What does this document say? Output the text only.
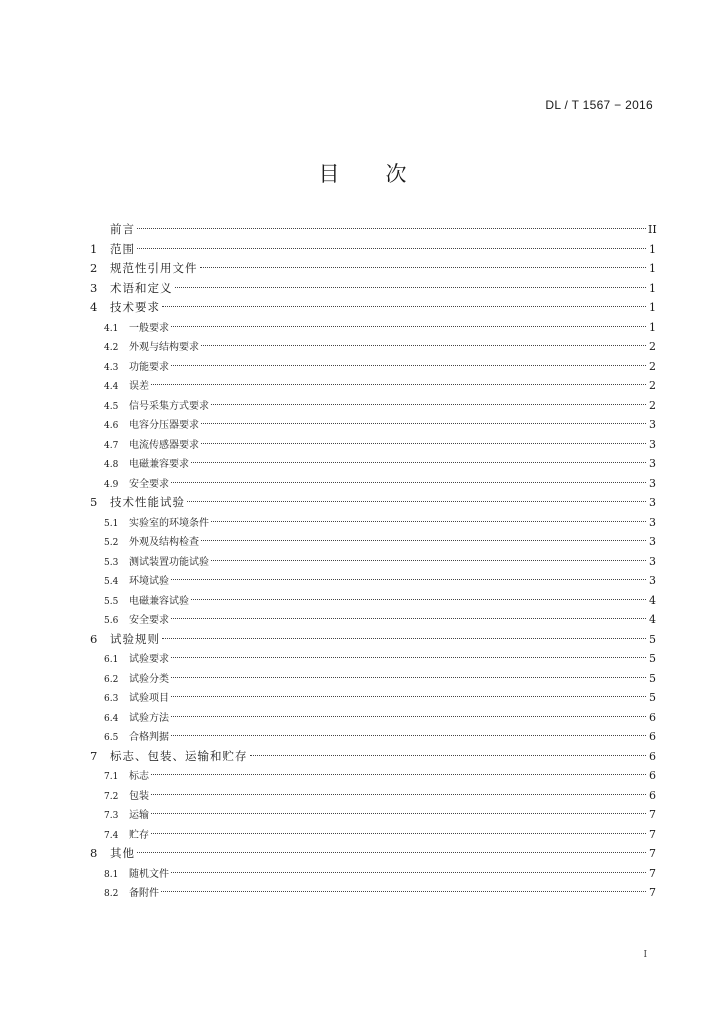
DL / T 1567 − 2016
目 次
前言	II
1	范围	1
2	规范性引用文件	1
3	术语和定义	1
4	技术要求	1
4.1	一般要求	1
4.2	外观与结构要求	2
4.3	功能要求	2
4.4	误差	2
4.5	信号采集方式要求	2
4.6	电容分压器要求	3
4.7	电流传感器要求	3
4.8	电磁兼容要求	3
4.9	安全要求	3
5	技术性能试验	3
5.1	实验室的环境条件	3
5.2	外观及结构检查	3
5.3	测试装置功能试验	3
5.4	环境试验	3
5.5	电磁兼容试验	4
5.6	安全要求	4
6	试验规则	5
6.1	试验要求	5
6.2	试验分类	5
6.3	试验项目	5
6.4	试验方法	6
6.5	合格判据	6
7	标志、包装、运输和贮存	6
7.1	标志	6
7.2	包装	6
7.3	运输	7
7.4	贮存	7
8	其他	7
8.1	随机文件	7
8.2	备附件	7
I
